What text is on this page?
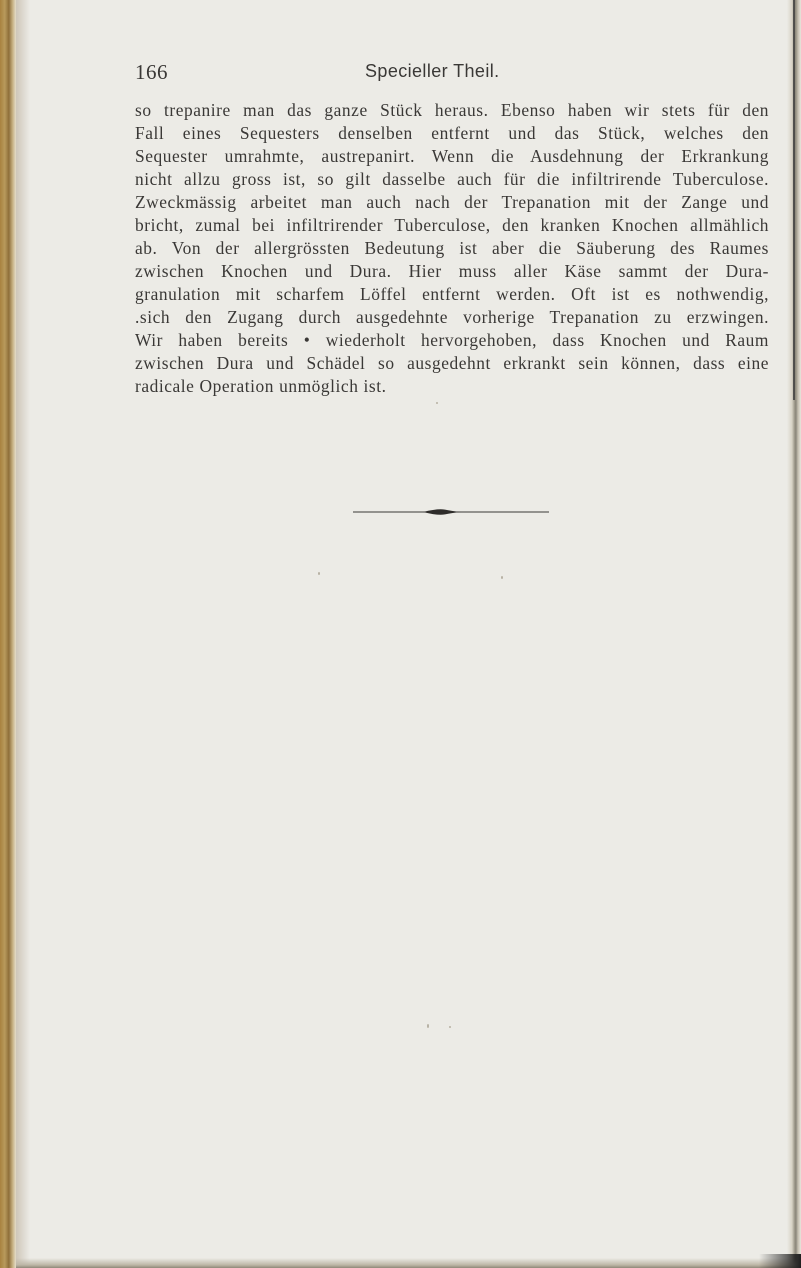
166	Specieller Theil.
so trepanire man das ganze Stück heraus. Ebenso haben wir stets für den
Fall eines Sequesters denselben entfernt und das Stück, welches den
Sequester umrahmte, austrepanirt. Wenn die Ausdehnung der Erkrankung
nicht allzu gross ist, so gilt dasselbe auch für die infiltrirende Tuberculose.
Zweckmässig arbeitet man auch nach der Trepanation mit der Zange und
bricht, zumal bei infiltrirender Tuberculose, den kranken Knochen allmählich
ab. Von der allergrössten Bedeutung ist aber die Säuberung des Raumes
zwischen Knochen und Dura. Hier muss aller Käse sammt der Dura-
granulation mit scharfem Löffel entfernt werden. Oft ist es nothwendig,
.sich den Zugang durch ausgedehnte vorherige Trepanation zu erzwingen.
Wir haben bereits • wiederholt hervorgehoben, dass Knochen und Raum
zwischen Dura und Schädel so ausgedehnt erkrankt sein können, dass eine
radicale Operation unmöglich ist.
